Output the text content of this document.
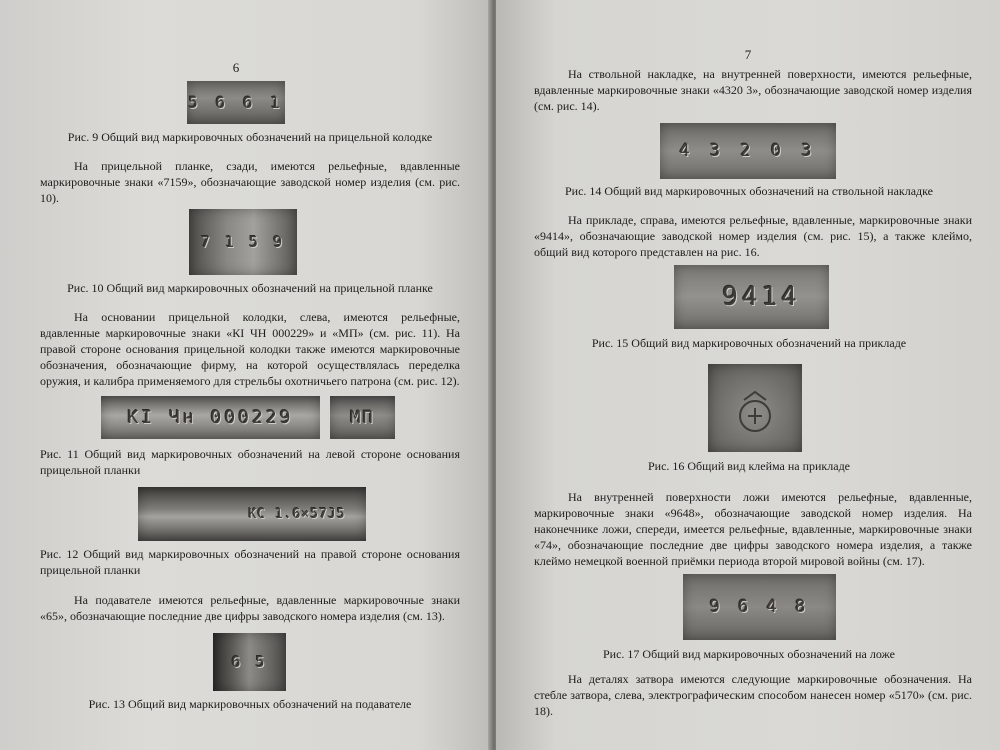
6
5 6 6 1

Рис. 9 Общий вид маркировочных обозначений на прицельной колодке

На прицельной планке, сзади, имеются рельефные, вдавленные маркировочные знаки «7159», обозначающие заводской номер изделия (см. рис. 10).

7 1 5 9

Рис. 10 Общий вид маркировочных обозначений на прицельной планке

На основании прицельной колодки, слева, имеются рельефные, вдавленные маркировочные знаки «КI ЧН 000229» и «МП» (см. рис. 11). На правой стороне основания прицельной колодки также имеются маркировочные обозначения, обозначающие фирму, на которой осуществлялась переделка оружия, и калибра применяемого для стрельбы охотничьего патрона (см. рис. 12).

KI Чн 000229	МП

Рис. 11 Общий вид маркировочных обозначений на левой стороне основания прицельной планки

KC 1.6×57J5

Рис. 12 Общий вид маркировочных обозначений на правой стороне основания прицельной планки

На подавателе имеются рельефные, вдавленные маркировочные знаки «65», обозначающие последние две цифры заводского номера изделия (см. 13).

6 5

Рис. 13 Общий вид маркировочных обозначений на подавателе

7

На ствольной накладке, на внутренней поверхности, имеются рельефные, вдавленные маркировочные знаки «4320 3», обозначающие заводской номер изделия (см. рис. 14).

4 3 2 0 3

Рис. 14 Общий вид маркировочных обозначений на ствольной накладке

На прикладе, справа, имеются рельефные, вдавленные, маркировочные знаки «9414», обозначающие заводской номер изделия (см. рис. 15), а также клеймо, общий вид которого представлен на рис. 16.

9414

Рис. 15 Общий вид маркировочных обозначений на прикладе

Рис. 16 Общий вид клейма на прикладе

На внутренней поверхности ложи имеются рельефные, вдавленные, маркировочные знаки «9648», обозначающие заводской номер изделия. На наконечнике ложи, спереди, имеется рельефные, вдавленные, маркировочные знаки «74», обозначающие последние две цифры заводского номера изделия, а также клеймо немецкой военной приёмки периода второй мировой войны (см. 17).

9 6 4 8

Рис. 17 Общий вид маркировочных обозначений на ложе

На деталях затвора имеются следующие маркировочные обозначения. На стебле затвора, слева, электрографическим способом нанесен номер «5170» (см. рис. 18).
